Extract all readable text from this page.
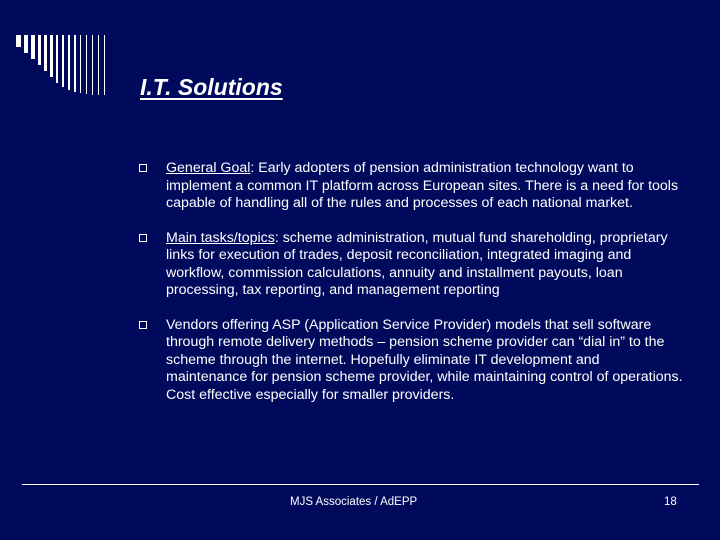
I.T. Solutions
General Goal: Early adopters of pension administration technology want to implement a common IT platform across European sites. There is a need for tools capable of handling all of the rules and processes of each national market.
Main tasks/topics: scheme administration, mutual fund shareholding, proprietary links for execution of trades, deposit reconciliation, integrated imaging and workflow, commission calculations, annuity and installment payouts, loan processing, tax reporting, and management reporting
Vendors offering ASP (Application Service Provider) models that sell software through remote delivery methods – pension scheme provider can “dial in” to the scheme through the internet. Hopefully eliminate IT development and maintenance for pension scheme provider, while maintaining control of operations. Cost effective especially for smaller providers.
MJS Associates / AdEPP	18
